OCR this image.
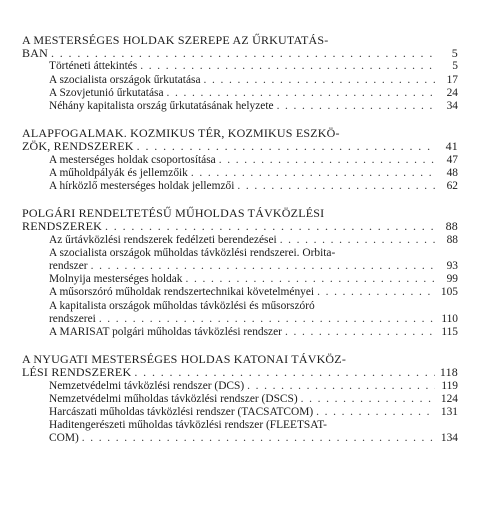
A MESTERSÉGES HOLDAK SZEREPE AZ ŰRKUTATÁS-
BAN . . .	5
Történeti áttekintés . . .	5
A szocialista országok űrkutatása . . .	17
A Szovjetunió űrkutatása . . .	24
Néhány kapitalista ország űrkutatásának helyzete . . .	34
ALAPFOGALMAK. KOZMIKUS TÉR, KOZMIKUS ESZKÖ-
ZÖK, RENDSZEREK . . .	41
A mesterséges holdak csoportosítása . . .	47
A műholdpályák és jellemzőik . . .	48
A hírközlő mesterséges holdak jellemzői . . .	62
POLGÁRI RENDELTETÉSŰ MŰHOLDAS TÁVKÖZLÉSI
RENDSZEREK . . .	88
Az űrtávközlési rendszerek fedélzeti berendezései . . .	88
A szocialista országok műholdas távközlési rendszerei. Orbita-
rendszer . . .	93
Molnyija mesterséges holdak . . .	99
A műsorszóró műholdak rendszertechnikai követelményei . . .	105
A kapitalista országok műholdas távközlési és műsorszóró
rendszerei . . .	110
A MARISAT polgári műholdas távközlési rendszer . . .	115
A NYUGATI MESTERSÉGES HOLDAS KATONAI TÁVKÖZ-
LÉSI RENDSZEREK . . .	118
Nemzetvédelmi távközlési rendszer (DCS) . . .	119
Nemzetvédelmi műholdas távközlési rendszer (DSCS) . . .	124
Harcászati műholdas távközlési rendszer (TACSATCOM) . . .	131
Haditengerészeti műholdas távközlési rendszer (FLEETSAT-
COM) . . .	134
